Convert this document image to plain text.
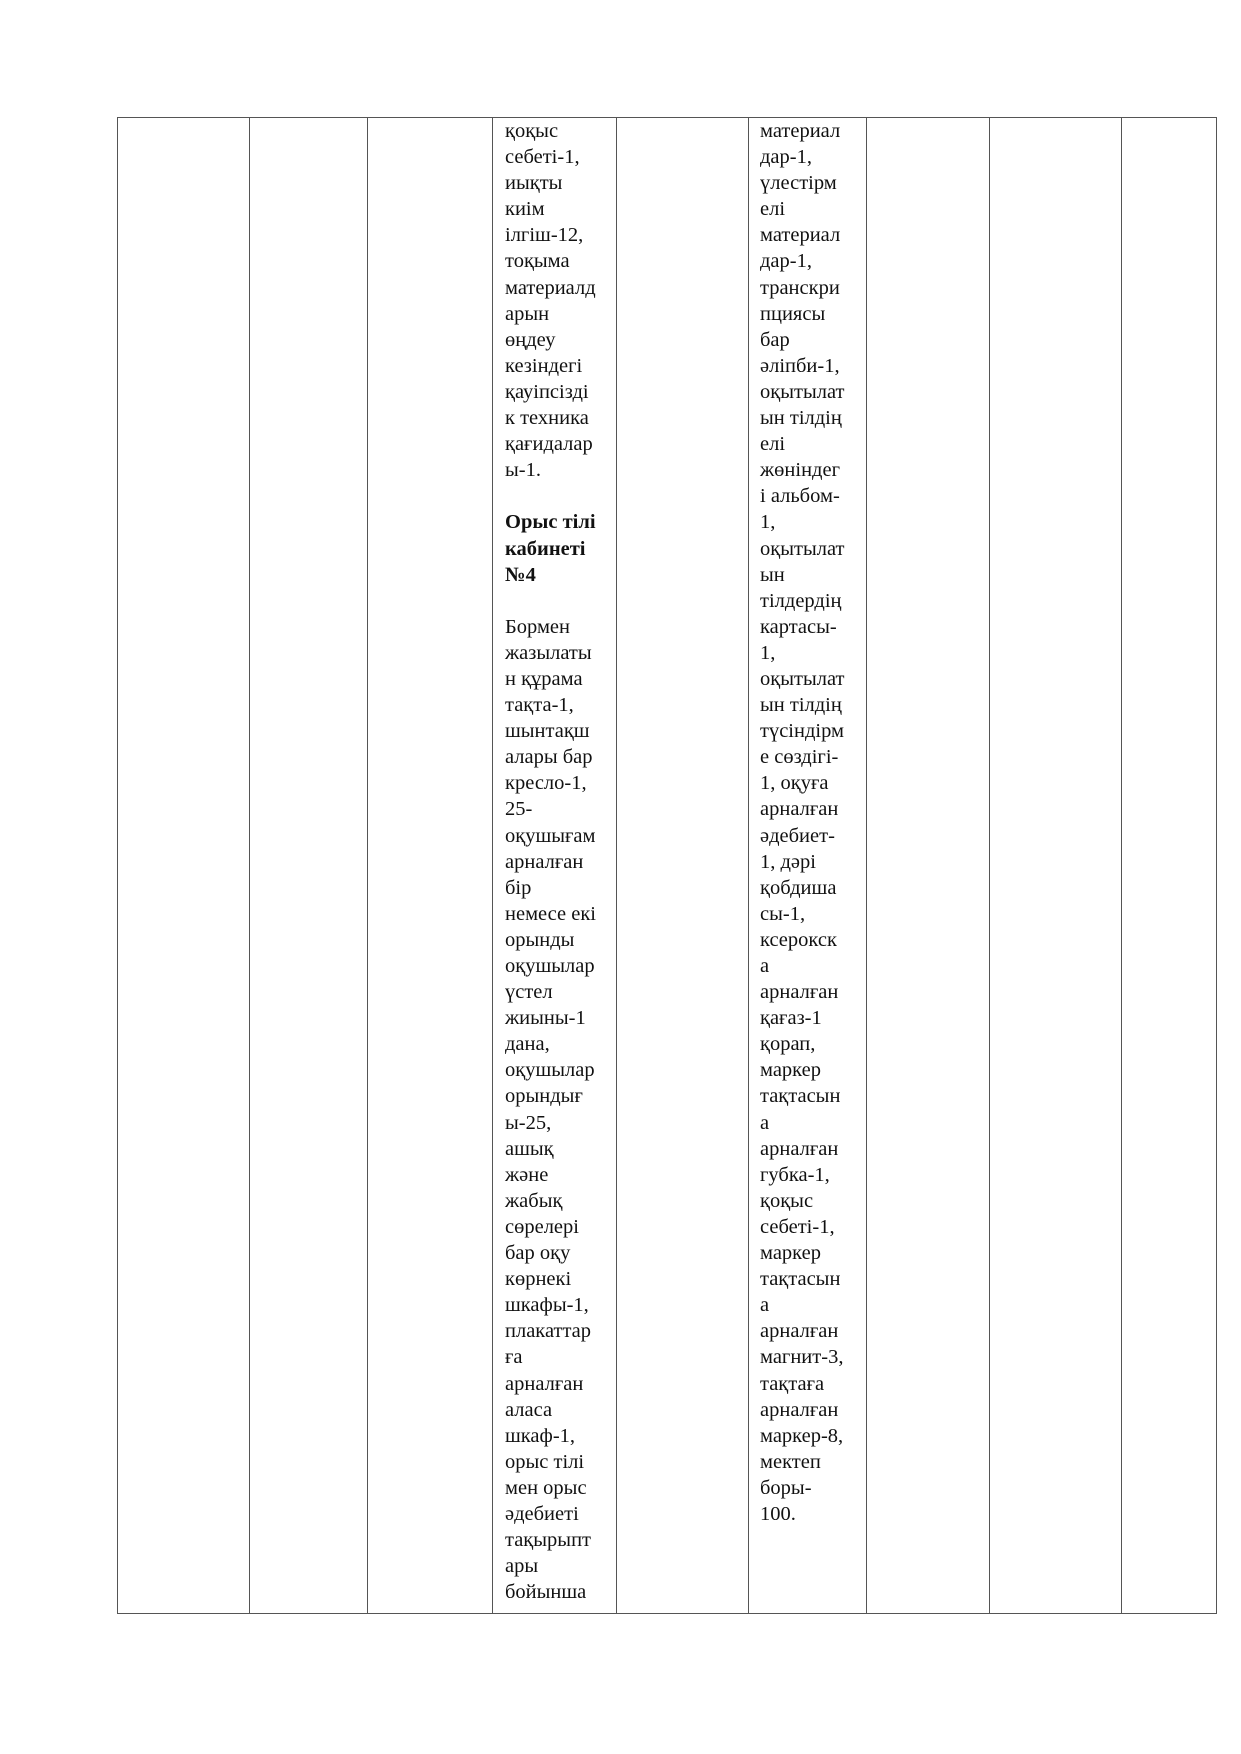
қоқыс
себеті-1,
иықты
киім
ілгіш-12,
тоқыма
материалд
арын
өңдеу
кезіндегі
қауіпсізді
к техника
қағидалар
ы-1.
Орыс тілі
кабинеті
№4
Бормен
жазылаты
н құрама
тақта-1,
шынтақш
алары бар
кресло-1,
25-
оқушығам
арналған
бір
немесе екі
орынды
оқушылар
үстел
жиыны-1
дана,
оқушылар
орындығ
ы-25,
ашық
және
жабық
сөрелері
бар оқу
көрнекі
шкафы-1,
плакаттар
ға
арналған
аласа
шкаф-1,
орыс тілі
мен орыс
әдебиеті
тақырыпт
ары
бойынша
материал
дар-1,
үлестірм
елі
материал
дар-1,
транскри
пциясы
бар
әліпби-1,
оқытылат
ын тілдің
елі
жөніндег
і альбом-
1,
оқытылат
ын
тілдердің
картасы-
1,
оқытылат
ын тілдің
түсіндірм
е сөздігі-
1, оқуға
арналған
әдебиет-
1, дәрі
қобдиша
сы-1,
ксерокск
а
арналған
қағаз-1
қорап,
маркер
тақтасын
а
арналған
губка-1,
қоқыс
себеті-1,
маркер
тақтасын
а
арналған
магнит-3,
тақтаға
арналған
маркер-8,
мектеп
боры-
100.
